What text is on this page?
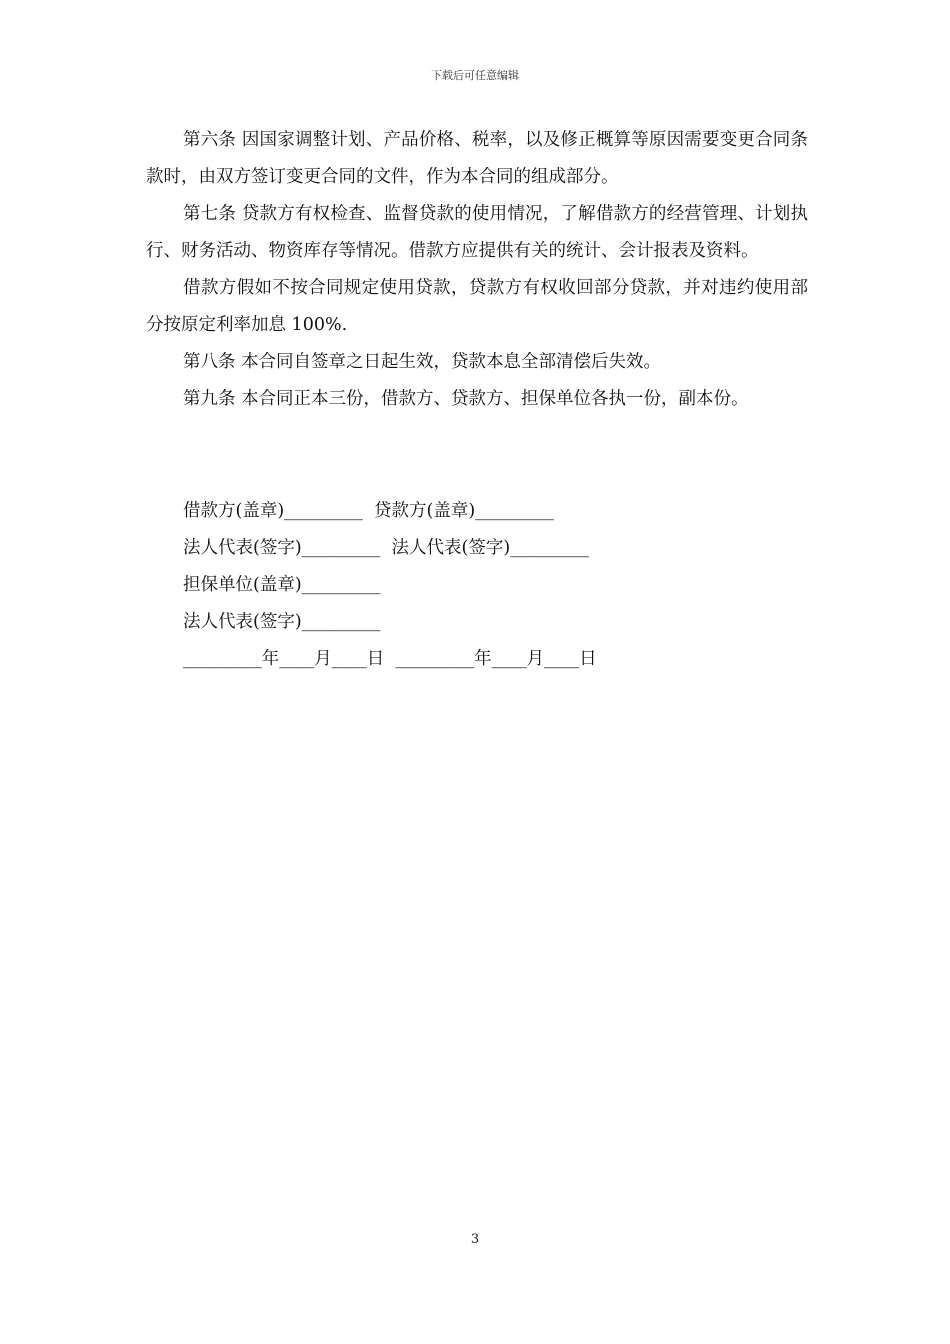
下载后可任意编辑

第六条 因国家调整计划、产品价格、税率，以及修正概算等原因需要变更合同条款时，由双方签订变更合同的文件，作为本合同的组成部分。

第七条 贷款方有权检查、监督贷款的使用情况，了解借款方的经营管理、计划执行、财务活动、物资库存等情况。借款方应提供有关的统计、会计报表及资料。

借款方假如不按合同规定使用贷款，贷款方有权收回部分贷款，并对违约使用部分按原定利率加息 100%.

第八条 本合同自签章之日起生效，贷款本息全部清偿后失效。

第九条 本合同正本三份，借款方、贷款方、担保单位各执一份，副本份。

借款方(盖章)_________  贷款方(盖章)_________
法人代表(签字)_________  法人代表(签字)_________
担保单位(盖章)_________
法人代表(签字)_________
_________年____月____日  _________年____月____日
3
